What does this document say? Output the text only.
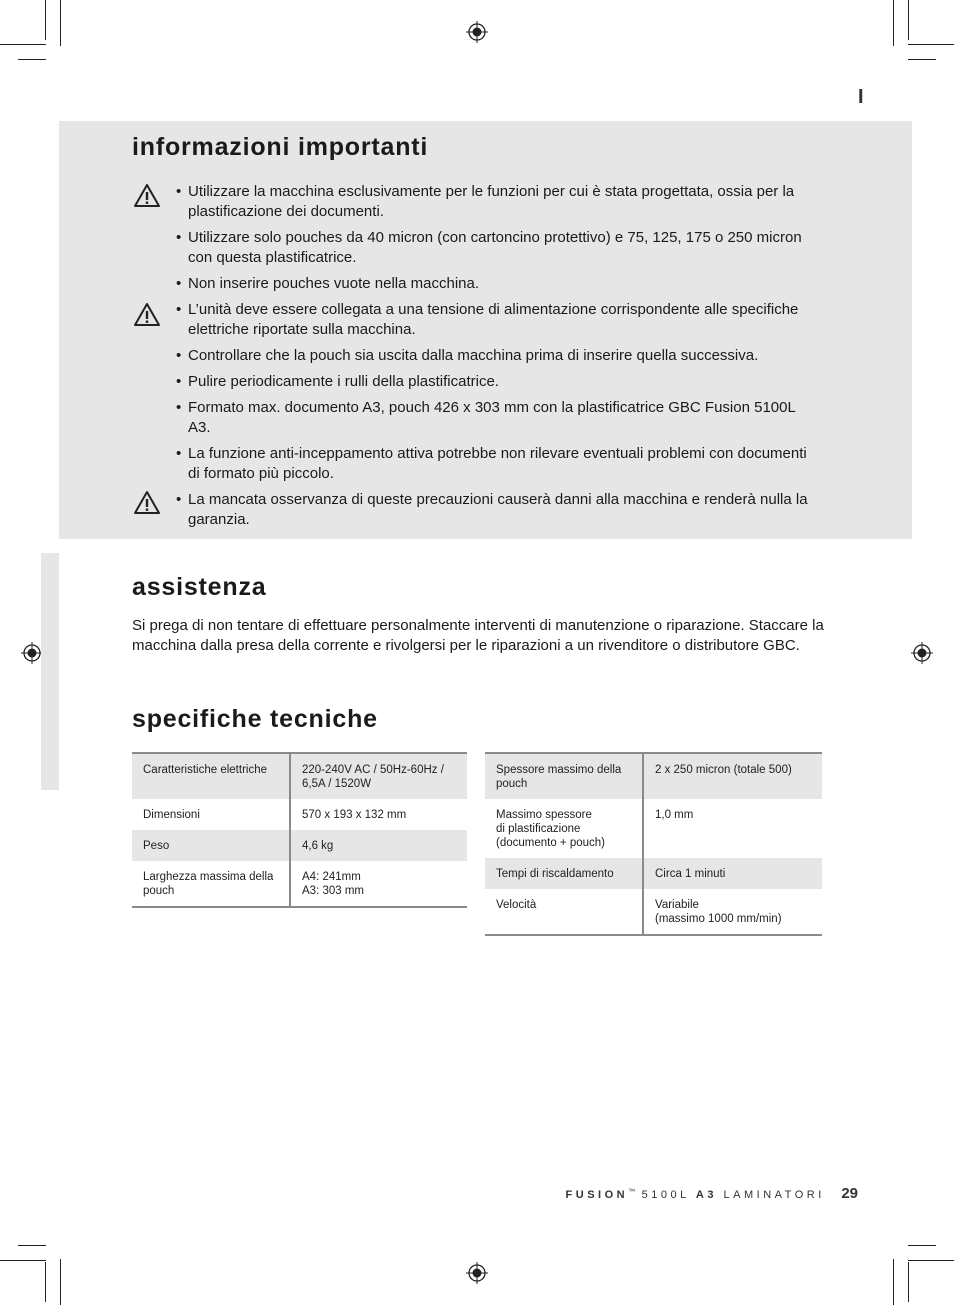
I
informazioni importanti
• Utilizzare la macchina esclusivamente per le funzioni per cui è stata progettata, ossia per la plastificazione dei documenti.
• Utilizzare solo pouches da 40 micron (con cartoncino protettivo) e 75, 125, 175 o 250 micron con questa plastificatrice.
• Non inserire pouches vuote nella macchina.
• L’unità deve essere collegata a una tensione di alimentazione corrispondente alle specifiche elettriche riportate sulla macchina.
• Controllare che la pouch sia uscita dalla macchina prima di inserire quella successiva.
• Pulire periodicamente i rulli della plastificatrice.
• Formato max. documento A3, pouch 426 x 303 mm con la plastificatrice GBC Fusion 5100L A3.
• La funzione anti-inceppamento attiva potrebbe non rilevare eventuali problemi con documenti di formato più piccolo.
• La mancata osservanza di queste precauzioni causerà danni alla macchina e renderà nulla la garanzia.
assistenza

Si prega di non tentare di effettuare personalmente interventi di manutenzione o riparazione. Staccare la macchina dalla presa della corrente e rivolgersi per le riparazioni a un rivenditore o distributore GBC.

specifiche tecniche
Caratteristiche elettriche	220-240V AC / 50Hz-60Hz / 6,5A / 1520W
Dimensioni	570 x 193 x 132 mm
Peso	4,6 kg
Larghezza massima della pouch	A4: 241mm
A3: 303 mm
Spessore massimo della pouch	2 x 250 micron (totale 500)
Massimo spessore
di plastificazione
(documento + pouch)	1,0 mm
Tempi di riscaldamento	Circa 1 minuti
Velocità	Variabile
(massimo 1000 mm/min)
FUSION™ 5100L A3 LAMINATORI 29
